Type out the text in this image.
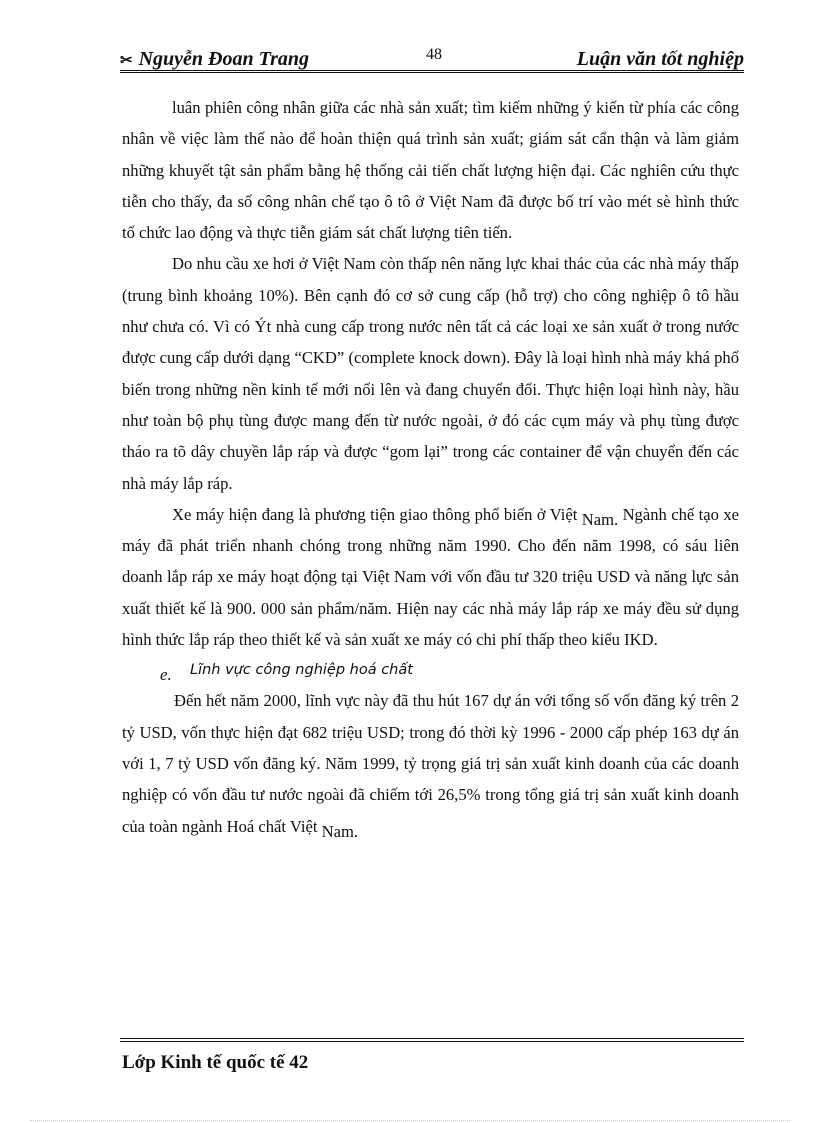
✂ Nguyễn Đoan Trang	48	Luận văn tốt nghiệp

luân phiên công nhân giữa các nhà sản xuất; tìm kiếm những ý kiến từ phía các công nhân về việc làm thế nào để hoàn thiện quá trình sản xuất; giám sát cẩn thận và làm giảm những khuyết tật sản phẩm bằng hệ thống cải tiến chất lượng hiện đại. Các nghiên cứu thực tiễn cho thấy, đa số công nhân chế tạo ô tô ở Việt Nam đã được bố trí vào mét sè hình thức tổ chức lao động và thực tiễn giám sát chất lượng tiên tiến.

Do nhu cầu xe hơi ở Việt Nam còn thấp nên năng lực khai thác của các nhà máy thấp (trung bình khoảng 10%). Bên cạnh đó cơ sở cung cấp (hỗ trợ) cho công nghiệp ô tô hầu như chưa có. Vì có Ýt nhà cung cấp trong nước nên tất cả các loại xe sản xuất ở trong nước được cung cấp dưới dạng “CKD” (complete knock down). Đây là loại hình nhà máy khá phổ biến trong những nền kinh tế mới nổi lên và đang chuyển đổi. Thực hiện loại hình này, hầu như toàn bộ phụ tùng được mang đến từ nước ngoài, ở đó các cụm máy và phụ tùng được tháo ra tõ dây chuyền lắp ráp và được “gom lại” trong các container để vận chuyển đến các nhà máy lắp ráp.

Xe máy hiện đang là phương tiện giao thông phổ biến ở Việt Nam. Ngành chế tạo xe máy đã phát triển nhanh chóng trong những năm 1990. Cho đến năm 1998, có sáu liên doanh lắp ráp xe máy hoạt động tại Việt Nam với vốn đầu tư 320 triệu USD và năng lực sản xuất thiết kế là 900. 000 sản phẩm/năm. Hiện nay các nhà máy lắp ráp xe máy đều sử dụng hình thức lắp ráp theo thiết kế và sản xuất xe máy có chi phí thấp theo kiểu IKD.

e. Lĩnh vực công nghiệp hoá chất

Đến hết năm 2000, lĩnh vực này đã thu hút 167 dự án với tổng số vốn đăng ký trên 2 tỷ USD, vốn thực hiện đạt 682 triệu USD; trong đó thời kỳ 1996 - 2000 cấp phép 163 dự án với 1, 7 tỷ USD vốn đăng ký. Năm 1999, tỷ trọng giá trị sản xuất kinh doanh của các doanh nghiệp có vốn đầu tư nước ngoài đã chiếm tới 26,5% trong tổng giá trị sản xuất kinh doanh của toàn ngành Hoá chất Việt Nam.

Lớp Kinh tế quốc tế 42
